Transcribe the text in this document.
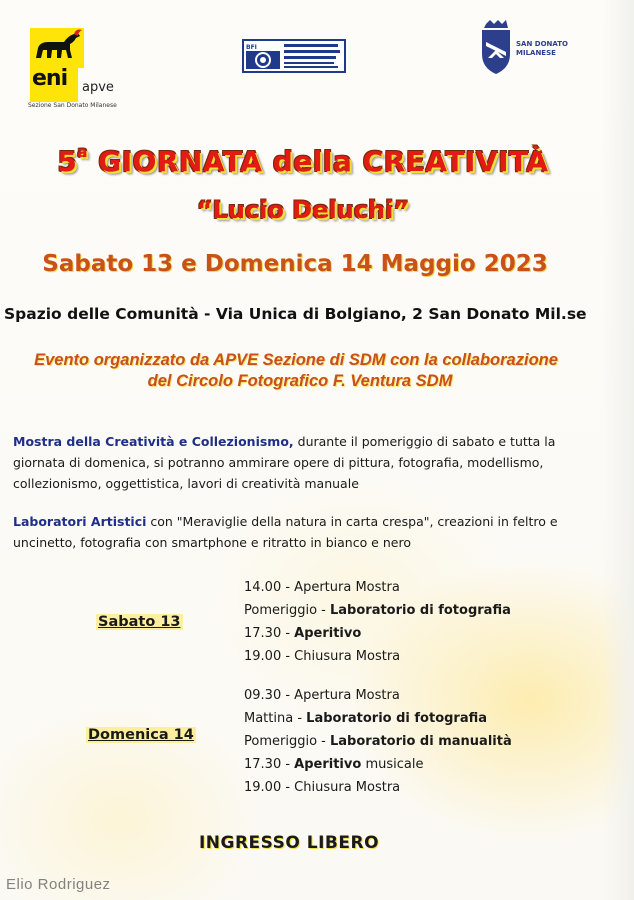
eni apve
Sezione San Donato Milanese
BFI	SAN DONATO
MILANESE
5$^a$ GIORNATA della CREATIVITÀ
“Lucio Deluchi”
Sabato 13 e Domenica 14 Maggio 2023
Spazio delle Comunità - Via Unica di Bolgiano, 2 San Donato Mil.se
Evento organizzato da APVE Sezione di SDM con la collaborazione
del Circolo Fotografico F. Ventura SDM
Mostra della Creatività e Collezionismo, durante il pomeriggio di sabato e tutta la giornata di domenica, si potranno ammirare opere di pittura, fotografia, modellismo, collezionismo, oggettistica, lavori di creatività manuale
Laboratori Artistici con "Meraviglie della natura in carta crespa", creazioni in feltro e uncinetto, fotografia con smartphone e ritratto in bianco e nero
Sabato 13
14.00 - Apertura Mostra
Pomeriggio - Laboratorio di fotografia
17.30 - Aperitivo
19.00 - Chiusura Mostra
Domenica 14
09.30 - Apertura Mostra
Mattina - Laboratorio di fotografia
Pomeriggio - Laboratorio di manualità
17.30 - Aperitivo musicale
19.00 - Chiusura Mostra
INGRESSO LIBERO
Elio Rodriguez
